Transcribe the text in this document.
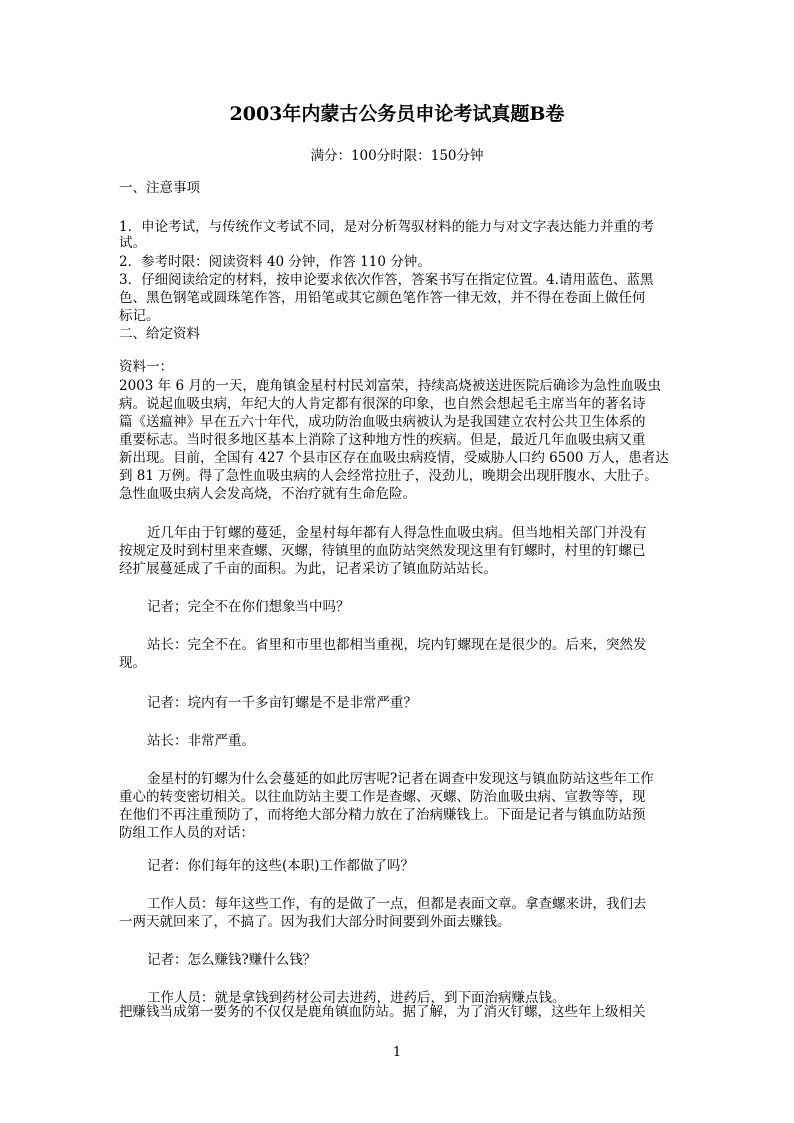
2003年内蒙古公务员申论考试真题B卷
满分：100分时限：150分钟
一、注意事项
1．申论考试，与传统作文考试不同，是对分析驾驭材料的能力与对文字表达能力并重的考
试。
2．参考时限：阅读资料 40 分钟，作答 110 分钟。
3．仔细阅读给定的材料，按申论要求依次作答，答案书写在指定位置。4.请用蓝色、蓝黑
色、黑色钢笔或圆珠笔作答，用铅笔或其它颜色笔作答一律无效，并不得在卷面上做任何
标记。
二、给定资料
资料一：
2003 年 6 月的一天，鹿角镇金星村村民刘富荣，持续高烧被送进医院后确诊为急性血吸虫
病。说起血吸虫病，年纪大的人肯定都有很深的印象，也自然会想起毛主席当年的著名诗
篇《送瘟神》早在五六十年代，成功防治血吸虫病被认为是我国建立农村公共卫生体系的
重要标志。当时很多地区基本上消除了这种地方性的疾病。但是，最近几年血吸虫病又重
新出现。目前，全国有 427 个县市区存在血吸虫病疫情，受威胁人口约 6500 万人，患者达
到 81 万例。得了急性血吸虫病的人会经常拉肚子，没劲儿，晚期会出现肝腹水、大肚子。
急性血吸虫病人会发高烧，不治疗就有生命危险。
近几年由于钉螺的蔓延，金星村每年都有人得急性血吸虫病。但当地相关部门并没有
按规定及时到村里来查螺、灭螺，待镇里的血防站突然发现这里有钉螺时，村里的钉螺已
经扩展蔓延成了千亩的面积。为此，记者采访了镇血防站站长。
记者；完全不在你们想象当中吗？
站长：完全不在。省里和市里也都相当重视，垸内钉螺现在是很少的。后来，突然发
现。
记者：垸内有一千多亩钉螺是不是非常严重？
站长：非常严重。
金星村的钉螺为什么会蔓延的如此厉害呢?记者在调查中发现这与镇血防站这些年工作
重心的转变密切相关。以往血防站主要工作是查螺、灭螺、防治血吸虫病、宣教等等，现
在他们不再注重预防了，而将绝大部分精力放在了治病赚钱上。下面是记者与镇血防站预
防组工作人员的对话：
记者：你们每年的这些(本职)工作都做了吗？
工作人员：每年这些工作，有的是做了一点，但都是表面文章。拿查螺来讲，我们去
一两天就回来了，不搞了。因为我们大部分时间要到外面去赚钱。
记者：怎么赚钱?赚什么钱？
工作人员：就是拿钱到药材公司去进药，进药后，到下面治病赚点钱。
把赚钱当成第一要务的不仅仅是鹿角镇血防站。据了解，为了消灭钉螺，这些年上级相关
1
